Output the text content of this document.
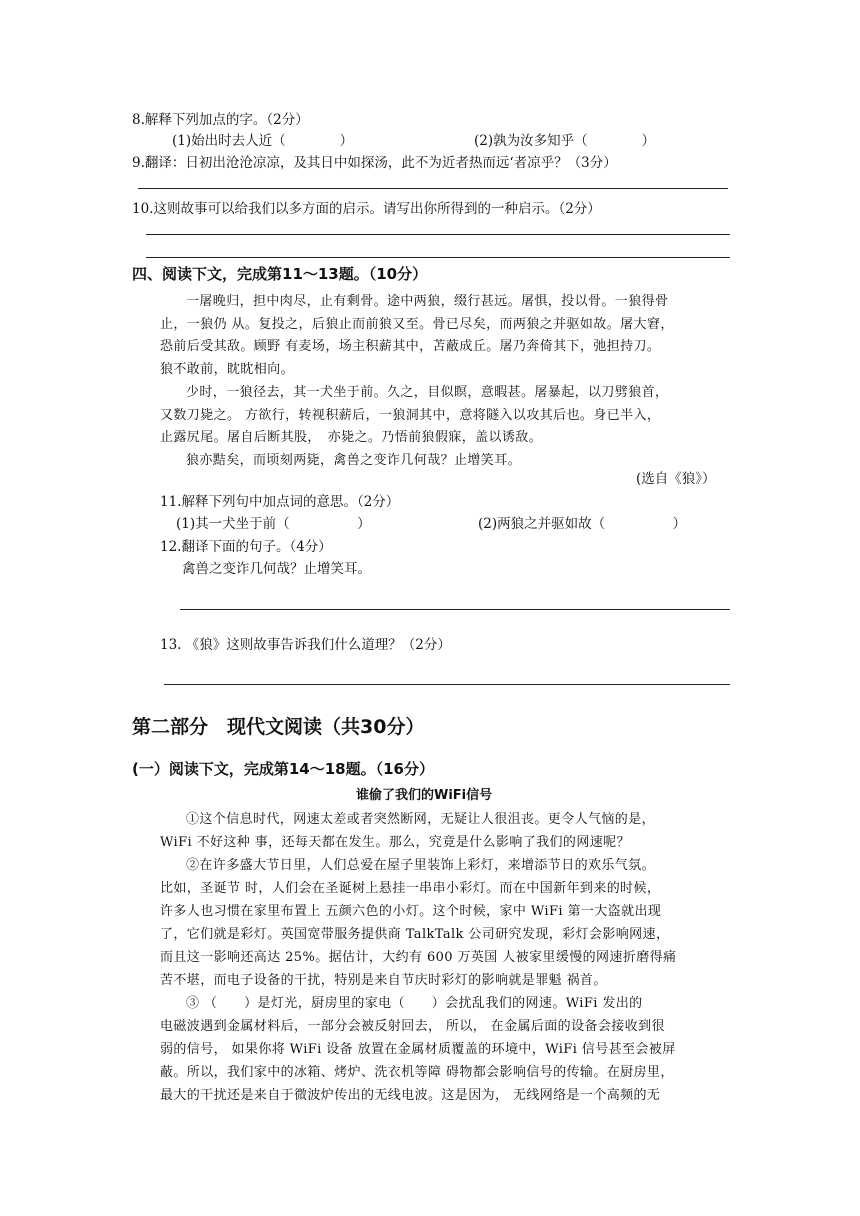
8.解释下列加点的字。（2分）
(1)始出时去人近（　　　　）	(2)孰为汝多知乎（　　　　）
9.翻译：日初出沧沧凉凉，及其日中如探汤，此不为近者热而远‘者凉乎？（3分）
10.这则故事可以给我们以多方面的启示。请写出你所得到的一种启示。（2分）
四、阅读下文，完成第11～13题。（10分）
一屠晚归，担中肉尽，止有剩骨。途中两狼，缀行甚远。屠惧，投以骨。一狼得骨
止，一狼仍 从。复投之，后狼止而前狼又至。骨已尽矣，而两狼之并驱如故。屠大窘，
恐前后受其敌。顾野 有麦场，场主积薪其中，苫蔽成丘。屠乃奔倚其下，弛担持刀。
狼不敢前，眈眈相向。
少时，一狼径去，其一犬坐于前。久之，目似瞑，意暇甚。屠暴起，以刀劈狼首，
又数刀毙之。 方欲行，转视积薪后，一狼洞其中，意将隧入以攻其后也。身已半入，
止露尻尾。屠自后断其股，　亦毙之。乃悟前狼假寐，盖以诱敌。
狼亦黠矣，而顷刻两毙，禽兽之变诈几何哉？止增笑耳。
(选自《狼》）
11.解释下列句中加点词的意思。（2分）
(1)其一犬坐于前（　　　　　）	(2)两狼之并驱如故（　　　　　）
12.翻译下面的句子。（4分）
禽兽之变诈几何哉？止增笑耳。
13. 《狼》这则故事告诉我们什么道理？（2分）
第二部分　现代文阅读（共30分）
(一）阅读下文，完成第14～18题。（16分）
谁偷了我们的WiFi信号
①这个信息时代，网速太差或者突然断网，无疑让人很沮丧。更令人气恼的是，
WiFi 不好这种 事，还每天都在发生。那么，究竟是什么影响了我们的网速呢？
②在许多盛大节日里，人们总爱在屋子里装饰上彩灯，来增添节日的欢乐气氛。
比如，圣诞节 时，人们会在圣诞树上悬挂一串串小彩灯。而在中国新年到来的时候，
许多人也习惯在家里布置上 五颜六色的小灯。这个时候，家中 WiFi 第一大盗就出现
了，它们就是彩灯。英国宽带服务提供商 TalkTalk 公司研究发现，彩灯会影响网速，
而且这一影响还高达 25%。据估计，大约有 600 万英国 人被家里缓慢的网速折磨得痛
苦不堪，而电子设备的干扰，特别是来自节庆时彩灯的影响就是罪魁 祸首。
③ （　　）是灯光，厨房里的家电（　　）会扰乱我们的网速。WiFi 发出的
电磁波遇到金属材料后，一部分会被反射回去， 所以， 在金属后面的设备会接收到很
弱的信号， 如果你将 WiFi 设备 放置在金属材质覆盖的环境中，WiFi 信号甚至会被屏
蔽。所以，我们家中的冰箱、烤炉、洗衣机等障 碍物都会影响信号的传输。在厨房里，
最大的干扰还是来自于微波炉传出的无线电波。这是因为， 无线网络是一个高频的无
